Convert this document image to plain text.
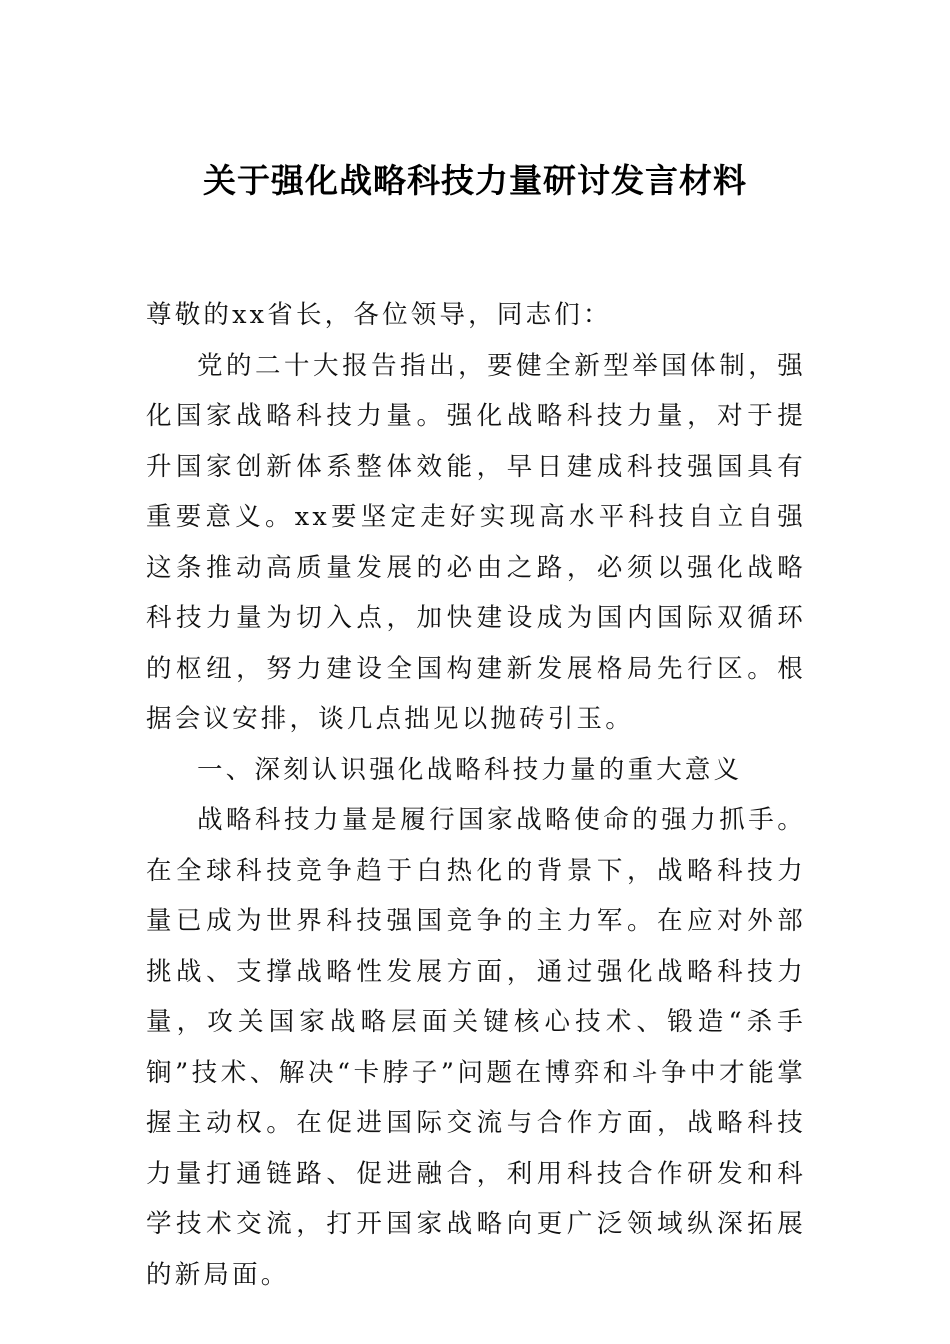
关于强化战略科技力量研讨发言材料

尊敬的xx省长，各位领导，同志们：

党的二十大报告指出，要健全新型举国体制，强化国家战略科技力量。强化战略科技力量，对于提升国家创新体系整体效能，早日建成科技强国具有重要意义。xx要坚定走好实现高水平科技自立自强这条推动高质量发展的必由之路，必须以强化战略科技力量为切入点，加快建设成为国内国际双循环的枢纽，努力建设全国构建新发展格局先行区。根据会议安排，谈几点拙见以抛砖引玉。

一、深刻认识强化战略科技力量的重大意义

战略科技力量是履行国家战略使命的强力抓手。在全球科技竞争趋于白热化的背景下，战略科技力量已成为世界科技强国竞争的主力军。在应对外部挑战、支撑战略性发展方面，通过强化战略科技力量，攻关国家战略层面关键核心技术、锻造“杀手锏”技术、解决“卡脖子”问题在博弈和斗争中才能掌握主动权。在促进国际交流与合作方面，战略科技力量打通链路、促进融合，利用科技合作研发和科学技术交流，打开国家战略向更广泛领域纵深拓展的新局面。
